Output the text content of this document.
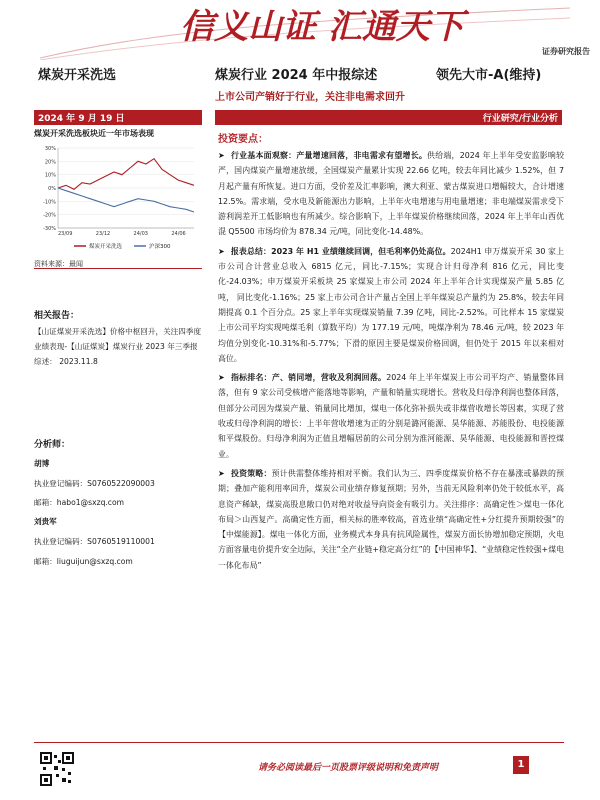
信义山证 汇通天下
证券研究报告
煤炭开采洗选	煤炭行业 2024 年中报综述	领先大市-A(维持)
上市公司产销好于行业，关注非电需求回升
2024 年 9 月 19 日	行业研究/行业分析
煤炭开采洗选板块近一年市场表现
30%
20%
10%
0%
-10%
-20%
-30%
23/09	23/12	24/03	24/06
煤炭开采洗选	沪深300
资料来源：最闻
相关报告：
【山证煤炭开采洗选】价格中枢回升，关注四季度业绩表现-【山证煤炭】煤炭行业 2023 年三季报综述： 2023.11.8
分析师：
胡博
执业登记编码：S0760522090003
邮箱：habo1@sxzq.com
刘贵军
执业登记编码：S0760519110001
邮箱：liuguijun@sxzq.com
投资要点：
➤ 行业基本面观察：产量增速回落，非电需求有望增长。供给端，2024 年上半年受安监影响较严，国内煤炭产量增速放缓，全国煤炭产量累计实现 22.66 亿吨，较去年同比减少 1.52%，但 7 月起产量有所恢复。进口方面，受价差及汇率影响，澳大利亚、蒙古煤炭进口增幅较大，合计增速 12.5%。需求端，受水电及新能源出力影响，上半年火电增速与用电量增速；非电端煤炭需求受下游利润差开工低影响也有所减少。综合影响下，上半年煤炭价格继续回落，2024 年上半年山西优混 Q5500 市场均价为 878.34 元/吨，同比变化-14.48%。
➤ 报表总结：2023 年 H1 业绩继续回调，但毛利率仍处高位。2024H1 申万煤炭开采 30 家上市公司合计营业总收入 6815 亿元，同比-7.15%；实现合计归母净利 816 亿元，同比变化-24.03%；申万煤炭开采板块 25 家煤炭上市公司 2024 年上半年合计实现煤炭产量 5.85 亿吨， 同比变化-1.16%；25 家上市公司合计产量占全国上半年煤炭总产量约为 25.8%，较去年同期提高 0.1 个百分点。25 家上半年实现煤炭销量 7.39 亿吨，同比-2.52%。可比样本 15 家煤炭上市公司平均实现吨煤毛利（算数平均）为 177.19 元/吨，吨煤净利为 78.46 元/吨，较 2023 年均值分别变化-10.31%和-5.77%；下滑的原因主要是煤炭价格回调，但仍处于 2015 年以来相对高位。
➤ 指标排名：产、销同增，营收及利润回落。2024 年上半年煤炭上市公司平均产、销量整体回落，但有 9 家公司受核增产能落地等影响，产量和销量实现增长。营收及归母净利润也整体回落，但部分公司因为煤炭产量、销量同比增加，煤电一体化弥补损失或非煤营收增长等因素，实现了营收或归母净利润的增长：上半年营收增速为正的分别是潞河能源、昊华能源、苏能股份、电投能源和平煤股份。归母净利润为正值且增幅居前的公司分别为淮河能源、昊华能源、电投能源和晋控煤业。
➤ 投资策略：预计供需整体维持相对平衡。我们认为三、四季度煤炭价格不存在暴涨或暴跌的预期；叠加产能利用率回升，煤炭公司业绩存修复预期；另外，当前无风险利率仍处于较低水平，高息资产稀缺，煤炭高股息敞口仍对绝对收益导向资金有吸引力。关注排序：高确定性＞煤电一体化布局＞山西复产。高确定性方面，相关标的胜率较高，首选业绩“高确定性+分红提升预期较强”的【中煤能源】。煤电一体化方面，业务模式本身具有抗风险属性，煤炭方面长协增加稳定预期，火电方面容量电价提升安全边际，关注“全产业链+稳定高分红”的【中国神华】、“业绩稳定性较强+煤电一体化布局”
请务必阅读最后一页股票评级说明和免责声明	1
